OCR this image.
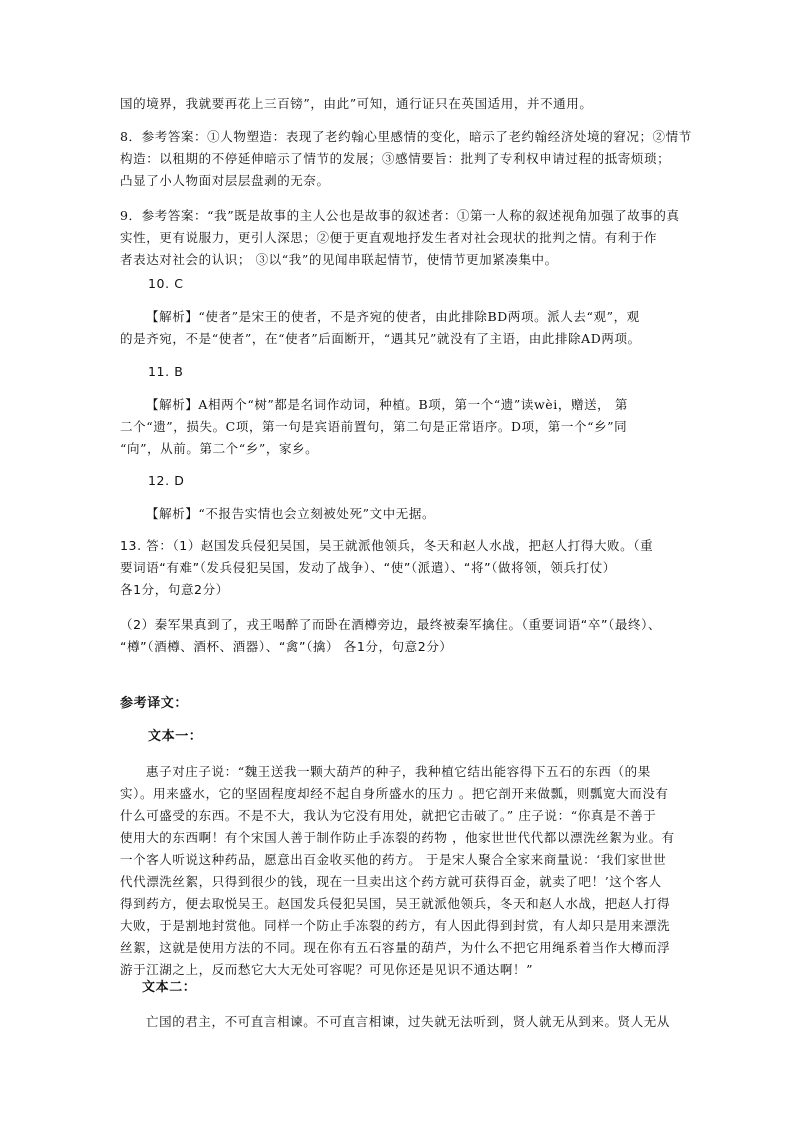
国的境界，我就要再花上三百镑”，由此”可知，通行证只在英国适用，并不通用。

8．参考答案：①人物塑造：表现了老约翰心里感情的变化，暗示了老约翰经济处境的窘况；②情节
构造：以租期的不停延伸暗示了情节的发展；③感情要旨：批判了专利权申请过程的抵寄烦琐；
凸显了小人物面对层层盘剥的无奈。

9．参考答案：“我”既是故事的主人公也是故事的叙述者：①第一人称的叙述视角加强了故事的真
实性，更有说服力，更引人深思；②便于更直观地抒发生者对社会现状的批判之情。有利于作
者表达对社会的认识； ③以“我”的见闻串联起情节，使情节更加紧凑集中。

10. C

【解析】“使者”是宋王的使者，不是齐宛的使者，由此排除BD两项。派人去“观”，观

的是齐宛，不是“使者”，在“使者”后面断开，“遇其兄”就没有了主语，由此排除AD两项。

11. B

【解析】A相两个“树”都是名词作动词，种植。B项，第一个“遗”读wèi，赠送， 第

二个“遗”，损失。C项，第一句是宾语前置句，第二句是正常语序。D项，第一个“乡”同
“向”，从前。第二个“乡”，家乡。

12. D

【解析】“不报告实情也会立刻被处死”文中无据。

13. 答：（1）赵国发兵侵犯吴国，吴王就派他领兵，冬天和赵人水战，把赵人打得大败。（重
要词语“有难”（发兵侵犯吴国，发动了战争）、“使”（派遣）、“将”（做将领，领兵打仗）
各1分，句意2分）

（2）秦军果真到了，戎王喝醉了而卧在酒樽旁边，最终被秦军擒住。（重要词语“卒”（最终）、
“樽”（酒樽、酒杯、酒器）、“禽”（擒） 各1分，句意2分）

参考译文：

文本一：

惠子对庄子说：“魏王送我一颗大葫芦的种子，我种植它结出能容得下五石的东西（的果

实）。用来盛水，它的坚固程度却经不起自身所盛水的压力 。把它剖开来做瓢，则瓢宽大而没有
什么可盛受的东西。不是不大，我认为它没有用处，就把它击破了。” 庄子说：“你真是不善于
使用大的东西啊！有个宋国人善于制作防止手冻裂的药物 ，他家世世代代都以漂洗丝絮为业。有
一个客人听说这种药品，愿意出百金收买他的药方。 于是宋人聚合全家来商量说：‘我们家世世
代代漂洗丝絮，只得到很少的钱，现在一旦卖出这个药方就可获得百金，就卖了吧！’这个客人
得到药方，便去取悦吴王。赵国发兵侵犯吴国，吴王就派他领兵，冬天和赵人水战，把赵人打得
大败，于是割地封赏他。同样一个防止手冻裂的药方，有人因此得到封赏，有人却只是用来漂洗
丝絮，这就是使用方法的不同。现在你有五石容量的葫芦，为什么不把它用绳系着当作大樽而浮
游于江湖之上，反而愁它大大无处可容呢？可见你还是见识不通达啊！”

文本二：

亡国的君主，不可直言相谏。不可直言相谏，过失就无法听到，贤人就无从到来。贤人无从
